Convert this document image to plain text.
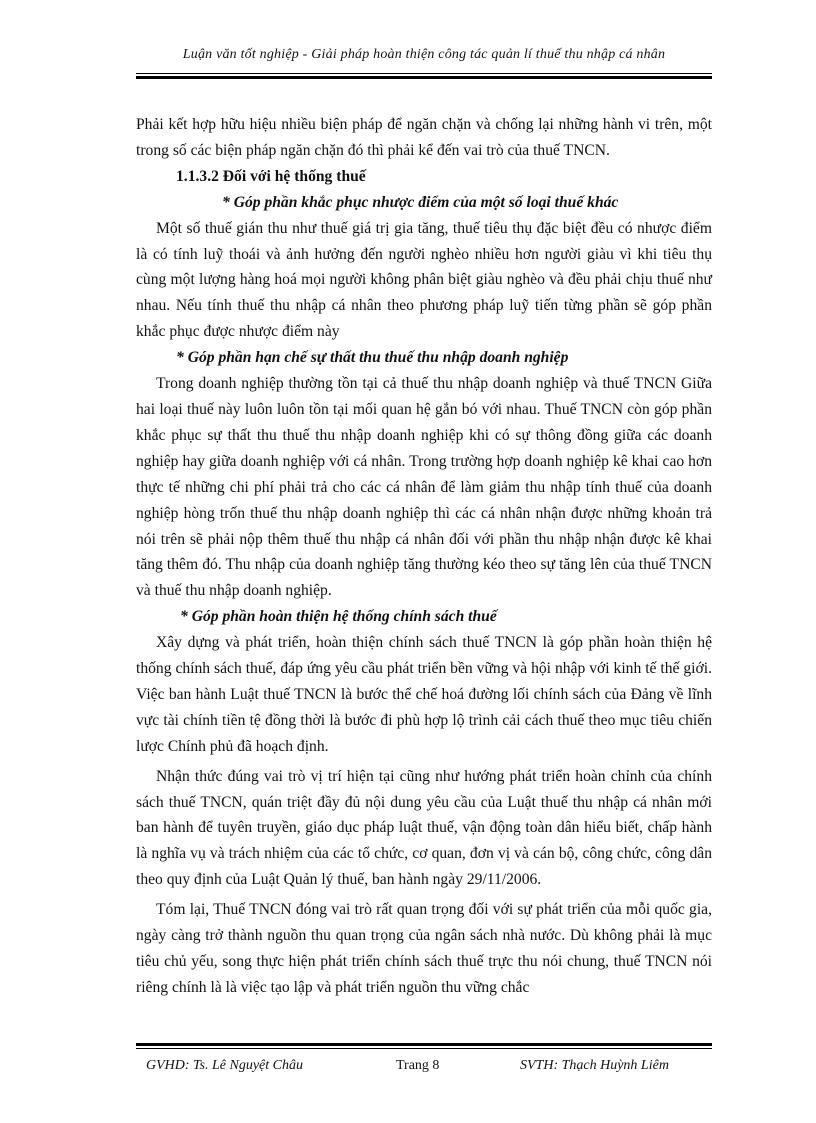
Luận văn tốt nghiệp - Giải pháp hoàn thiện công tác quản lí thuế thu nhập cá nhân

Phải kết hợp hữu hiệu nhiều biện pháp để ngăn chặn và chống lại những hành vi trên, một trong số các biện pháp ngăn chặn đó thì phải kể đến vai trò của thuế TNCN.

1.1.3.2 Đối với hệ thống thuế

* Góp phần khắc phục nhược điểm của một số loại thuế khác

Một số thuế gián thu như thuế giá trị gia tăng, thuế tiêu thụ đặc biệt đều có nhược điểm là có tính luỹ thoái và ảnh hưởng đến người nghèo nhiều hơn người giàu vì khi tiêu thụ cùng một lượng hàng hoá mọi người không phân biệt giàu nghèo và đều phải chịu thuế như nhau. Nếu tính thuế thu nhập cá nhân theo phương pháp luỹ tiến từng phần sẽ góp phần khắc phục được nhược điểm này

* Góp phần hạn chế sự thất thu thuế thu nhập doanh nghiệp

Trong doanh nghiệp thường tồn tại cả thuế thu nhập doanh nghiệp và thuế TNCN Giữa hai loại thuế này luôn luôn tồn tại mối quan hệ gắn bó với nhau. Thuế TNCN còn góp phần khắc phục sự thất thu thuế thu nhập doanh nghiệp khi có sự thông đồng giữa các doanh nghiệp hay giữa doanh nghiệp với cá nhân. Trong trường hợp doanh nghiệp kê khai cao hơn thực tế những chi phí phải trả cho các cá nhân để làm giảm thu nhập tính thuế của doanh nghiệp hòng trốn thuế thu nhập doanh nghiệp thì các cá nhân nhận được những khoản trả nói trên sẽ phải nộp thêm thuế thu nhập cá nhân đối với phần thu nhập nhận được kê khai tăng thêm đó. Thu nhập của doanh nghiệp tăng thường kéo theo sự tăng lên của thuế TNCN và thuế thu nhập doanh nghiệp.

* Góp phần hoàn thiện hệ thống chính sách thuế

Xây dựng và phát triển, hoàn thiện chính sách thuế TNCN là góp phần hoàn thiện hệ thống chính sách thuế, đáp ứng yêu cầu phát triển bền vững và hội nhập với kinh tế thế giới. Việc ban hành Luật thuế TNCN là bước thể chế hoá đường lối chính sách của Đảng về lĩnh vực tài chính tiền tệ đồng thời là bước đi phù hợp lộ trình cải cách thuế theo mục tiêu chiến lược Chính phủ đã hoạch định.

Nhận thức đúng vai trò vị trí hiện tại cũng như hướng phát triển hoàn chỉnh của chính sách thuế TNCN, quán triệt đầy đủ nội dung yêu cầu của Luật thuế thu nhập cá nhân mới ban hành để tuyên truyền, giáo dục pháp luật thuế, vận động toàn dân hiểu biết, chấp hành là nghĩa vụ và trách nhiệm của các tổ chức, cơ quan, đơn vị và cán bộ, công chức, công dân theo quy định của Luật Quản lý thuế, ban hành ngày 29/11/2006.

Tóm lại, Thuế TNCN đóng vai trò rất quan trọng đối với sự phát triển của mỗi quốc gia, ngày càng trở thành nguồn thu quan trọng của ngân sách nhà nước. Dù không phải là mục tiêu chủ yếu, song thực hiện phát triển chính sách thuế trực thu nói chung, thuế TNCN nói riêng chính là là việc tạo lập và phát triển nguồn thu vững chắc

GVHD: Ts. Lê Nguyệt Châu	Trang 8	SVTH: Thạch Huỳnh Liêm
